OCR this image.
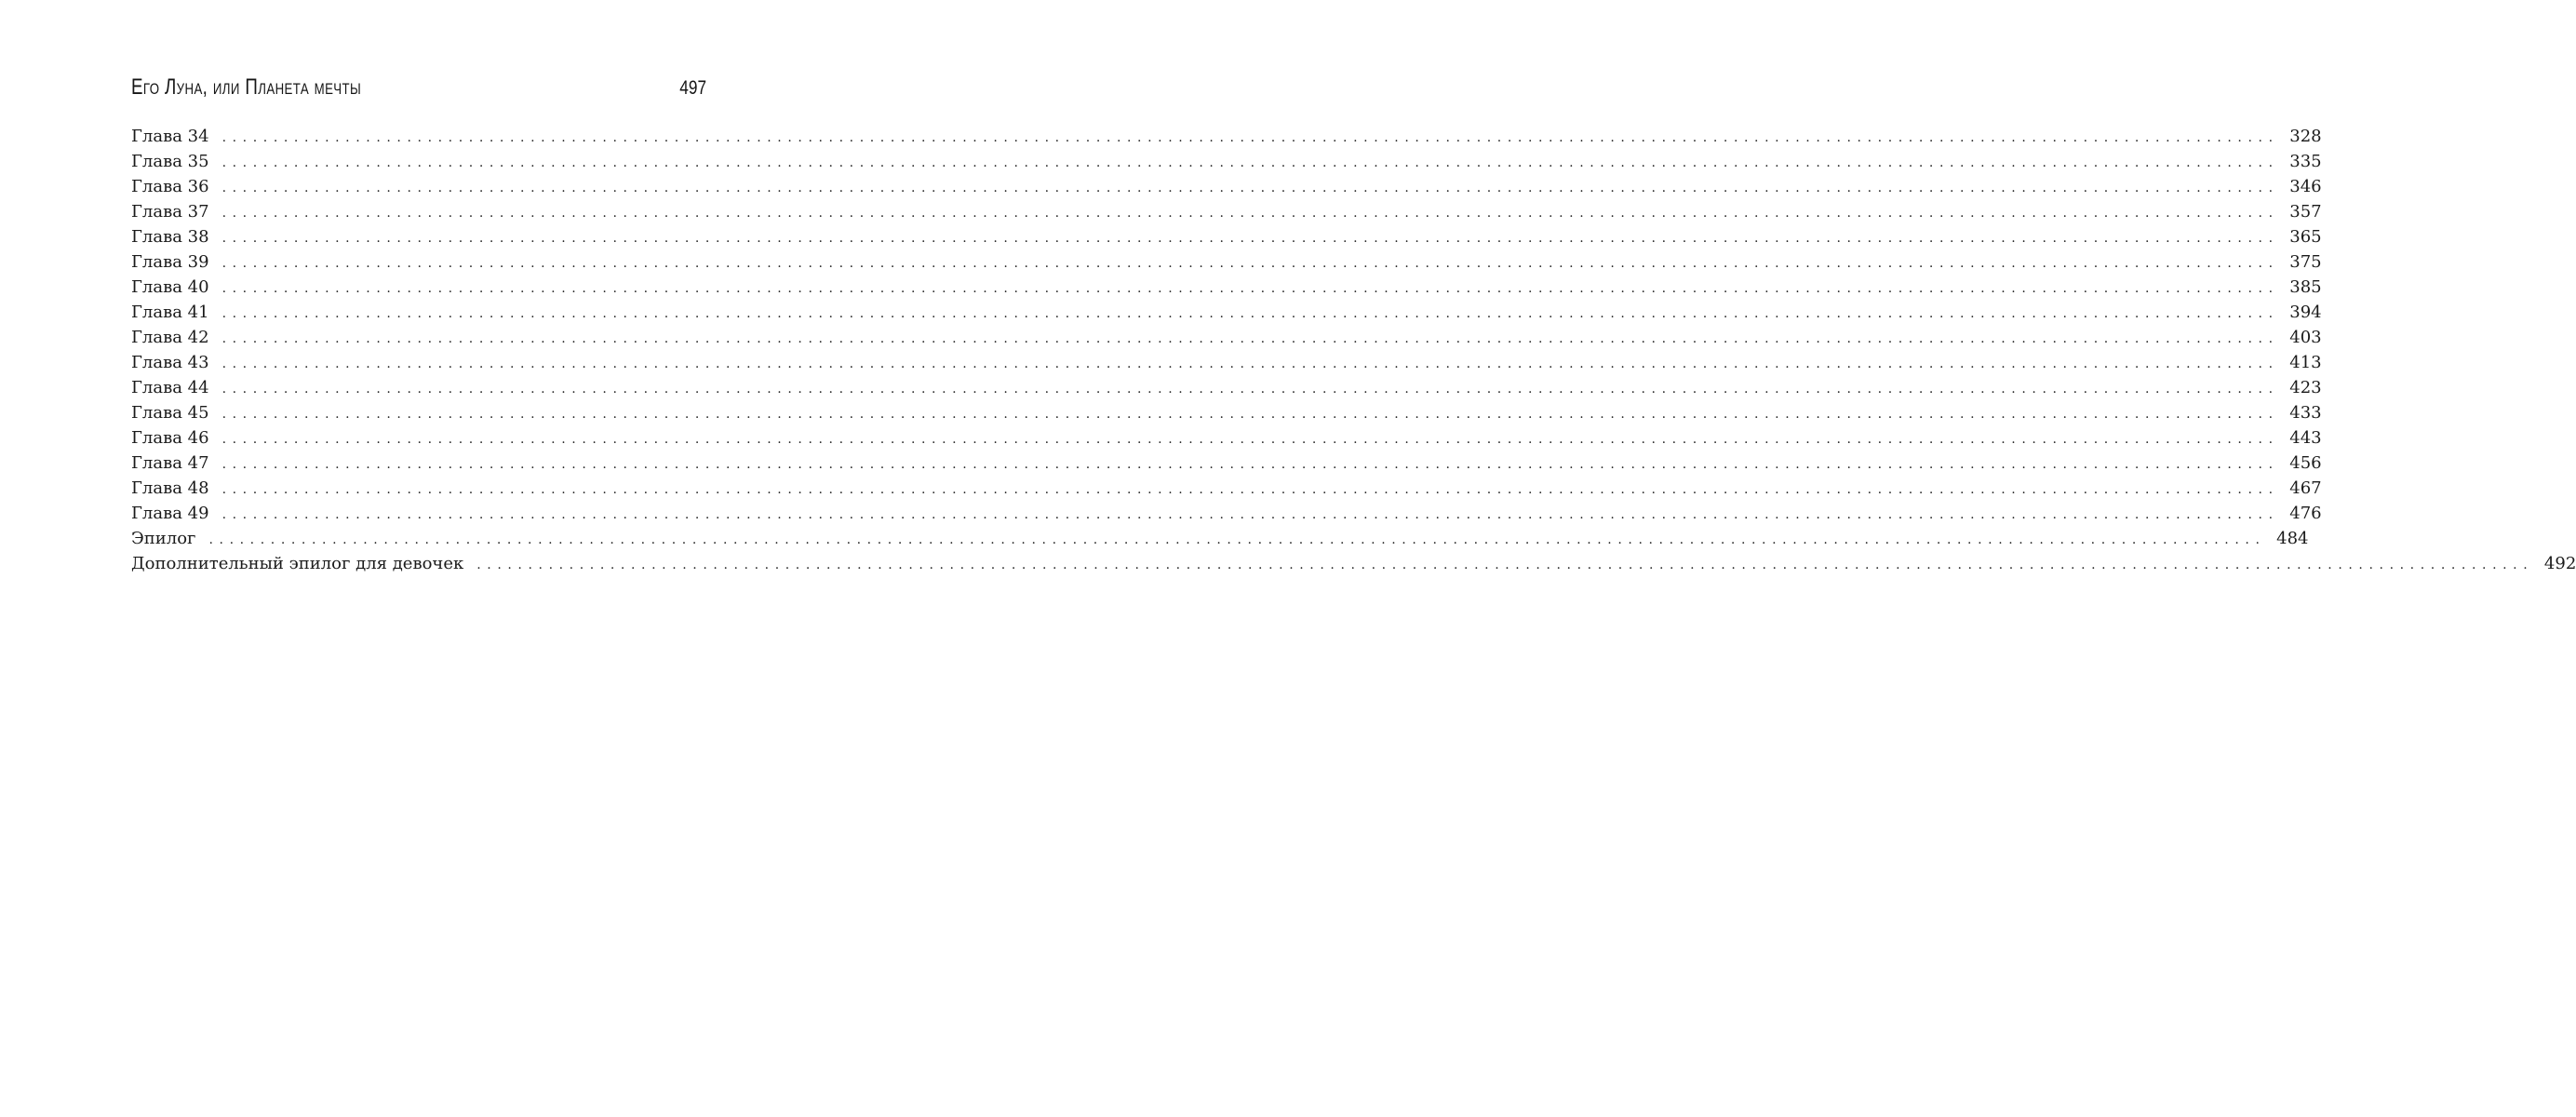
Его Луна, или Планета мечты	497
Глава 34	........................................................................................................................................................................................................ 328
Глава 35	........................................................................................................................................................................................................ 335
Глава 36	........................................................................................................................................................................................................ 346
Глава 37	........................................................................................................................................................................................................ 357
Глава 38	........................................................................................................................................................................................................ 365
Глава 39	........................................................................................................................................................................................................ 375
Глава 40	........................................................................................................................................................................................................ 385
Глава 41	........................................................................................................................................................................................................ 394
Глава 42	........................................................................................................................................................................................................ 403
Глава 43	........................................................................................................................................................................................................ 413
Глава 44	........................................................................................................................................................................................................ 423
Глава 45	........................................................................................................................................................................................................ 433
Глава 46	........................................................................................................................................................................................................ 443
Глава 47	........................................................................................................................................................................................................ 456
Глава 48	........................................................................................................................................................................................................ 467
Глава 49	........................................................................................................................................................................................................ 476
Эпилог	........................................................................................................................................................................................................ 484
Дополнительный эпилог для девочек	........................................................................................................................................................................................................ 492
